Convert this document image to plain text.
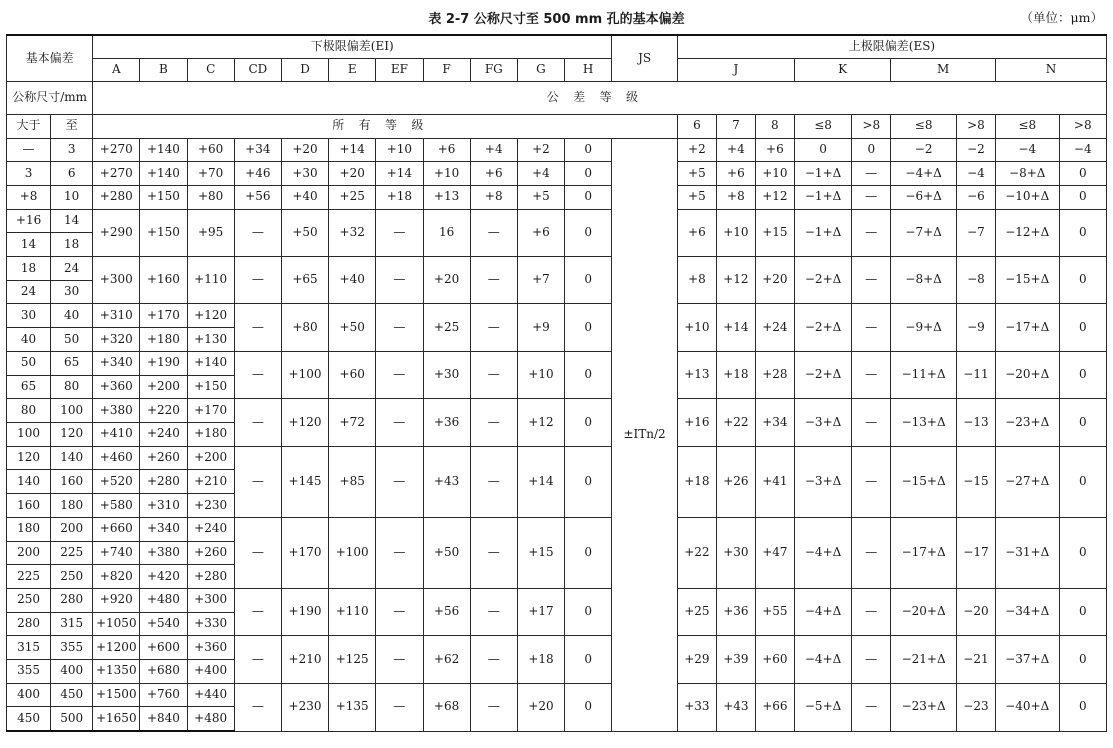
表 2-7 公称尺寸至 500 mm 孔的基本偏差	（单位：μm）
基本偏差		下极限偏差(EI)											JS	上极限偏差(ES)								
		A	B	C	CD	D	E	EF	F	FG	G	H		J			K		M		N	
公称尺寸/mm		公差等级																				
大于	至	所有等级												6	7	8	≤8	>8	≤8	>8	≤8	>8
—	3	+270	+140	+60	+34	+20	+14	+10	+6	+4	+2	0	±ITn/2	+2	+4	+6	0	0	−2	−2	−4	−4
3	6	+270	+140	+70	+46	+30	+20	+14	+10	+6	+4	0		+5	+6	+10	−1+Δ	—	−4+Δ	−4	−8+Δ	0
+8	10	+280	+150	+80	+56	+40	+25	+18	+13	+8	+5	0		+5	+8	+12	−1+Δ	—	−6+Δ	−6	−10+Δ	0
+16	14	+290	+150	+95	—	+50	+32	—	16	—	+6	0		+6	+10	+15	−1+Δ	—	−7+Δ	−7	−12+Δ	0
14	18																					
18	24	+300	+160	+110	—	+65	+40	—	+20	—	+7	0		+8	+12	+20	−2+Δ	—	−8+Δ	−8	−15+Δ	0
24	30																					
30	40	+310	+170	+120	—	+80	+50	—	+25	—	+9	0		+10	+14	+24	−2+Δ	—	−9+Δ	−9	−17+Δ	0
40	50	+320	+180	+130																		
50	65	+340	+190	+140	—	+100	+60	—	+30	—	+10	0		+13	+18	+28	−2+Δ	—	−11+Δ	−11	−20+Δ	0
65	80	+360	+200	+150																		
80	100	+380	+220	+170	—	+120	+72	—	+36	—	+12	0		+16	+22	+34	−3+Δ	—	−13+Δ	−13	−23+Δ	0
100	120	+410	+240	+180																		
120	140	+460	+260	+200	—	+145	+85	—	+43	—	+14	0		+18	+26	+41	−3+Δ	—	−15+Δ	−15	−27+Δ	0
140	160	+520	+280	+210																		
160	180	+580	+310	+230																		
180	200	+660	+340	+240	—	+170	+100	—	+50	—	+15	0		+22	+30	+47	−4+Δ	—	−17+Δ	−17	−31+Δ	0
200	225	+740	+380	+260																		
225	250	+820	+420	+280																		
250	280	+920	+480	+300	—	+190	+110	—	+56	—	+17	0		+25	+36	+55	−4+Δ	—	−20+Δ	−20	−34+Δ	0
280	315	+1050	+540	+330																		
315	355	+1200	+600	+360	—	+210	+125	—	+62	—	+18	0		+29	+39	+60	−4+Δ	—	−21+Δ	−21	−37+Δ	0
355	400	+1350	+680	+400																		
400	450	+1500	+760	+440	—	+230	+135	—	+68	—	+20	0		+33	+43	+66	−5+Δ	—	−23+Δ	−23	−40+Δ	0
450	500	+1650	+840	+480																		
